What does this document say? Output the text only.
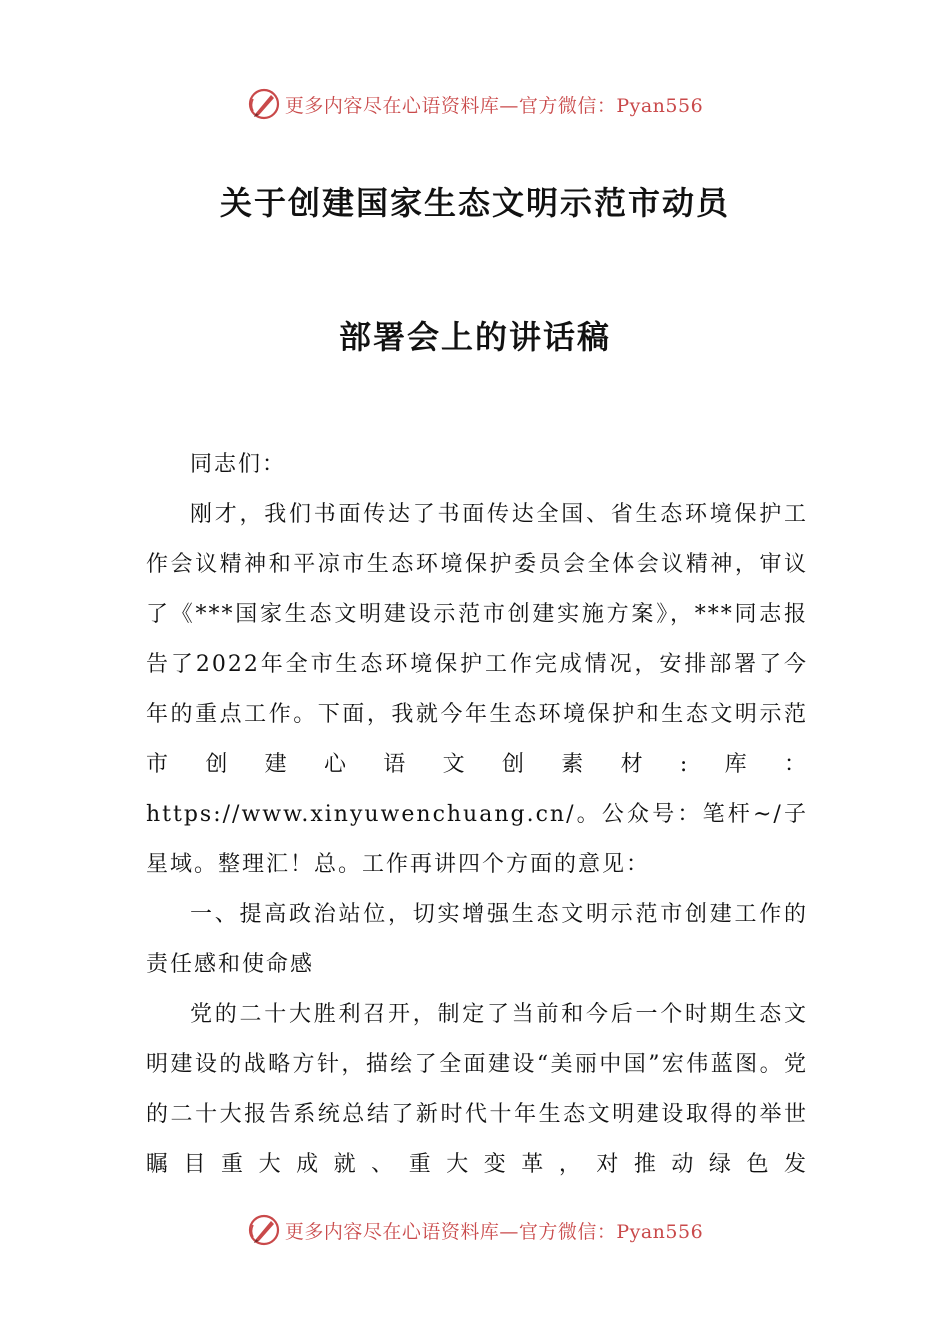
更多内容尽在心语资料库—官方微信：Pyan556
关于创建国家生态文明示范市动员
部署会上的讲话稿

同志们：

刚才，我们书面传达了书面传达全国、省生态环境保护工作会议精神和平凉市生态环境保护委员会全体会议精神，审议了《***国家生态文明建设示范市创建实施方案》，***同志报告了2022年全市生态环境保护工作完成情况，安排部署了今年的重点工作。下面，我就今年生态环境保护和生态文明示范市创建心语文创素材:库：https://www.xinyuwenchuang.cn/。公众号：笔杆~/子星域。整理汇！总。工作再讲四个方面的意见：

一、提高政治站位，切实增强生态文明示范市创建工作的责任感和使命感

党的二十大胜利召开，制定了当前和今后一个时期生态文明建设的战略方针，描绘了全面建设“美丽中国”宏伟蓝图。党的二十大报告系统总结了新时代十年生态文明建设取得的举世瞩目重大成就、重大变革，对推动绿色发

更多内容尽在心语资料库—官方微信：Pyan556
